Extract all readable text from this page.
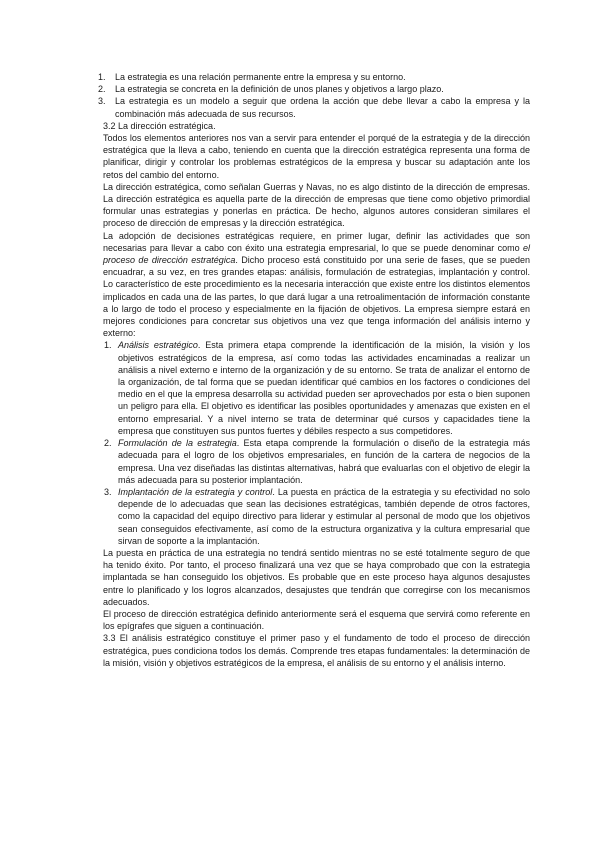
1. La estrategia es una relación permanente entre la empresa y su entorno.
2. La estrategia se concreta en la definición de unos planes y objetivos a largo plazo.
3. La estrategia es un modelo a seguir que ordena la acción que debe llevar a cabo la empresa y la combinación más adecuada de sus recursos.

3.2 La dirección estratégica.

Todos los elementos anteriores nos van a servir para entender el porqué de la estrategia y de la dirección estratégica que la lleva a cabo, teniendo en cuenta que la dirección estratégica representa una forma de planificar, dirigir y controlar los problemas estratégicos de la empresa y buscar su adaptación ante los retos del cambio del entorno.

La dirección estratégica, como señalan Guerras y Navas, no es algo distinto de la dirección de empresas. La dirección estratégica es aquella parte de la dirección de empresas que tiene como objetivo primordial formular unas estrategias y ponerlas en práctica. De hecho, algunos autores consideran similares el proceso de dirección de empresas y la dirección estratégica.

La adopción de decisiones estratégicas requiere, en primer lugar, definir las actividades que son necesarias para llevar a cabo con éxito una estrategia empresarial, lo que se puede denominar como el proceso de dirección estratégica. Dicho proceso está constituido por una serie de fases, que se pueden encuadrar, a su vez, en tres grandes etapas: análisis, formulación de estrategias, implantación y control. Lo característico de este procedimiento es la necesaria interacción que existe entre los distintos elementos implicados en cada una de las partes, lo que dará lugar a una retroalimentación de información constante a lo largo de todo el proceso y especialmente en la fijación de objetivos. La empresa siempre estará en mejores condiciones para concretar sus objetivos una vez que tenga información del análisis interno y externo:

1. Análisis estratégico. Esta primera etapa comprende la identificación de la misión, la visión y los objetivos estratégicos de la empresa, así como todas las actividades encaminadas a realizar un análisis a nivel externo e interno de la organización y de su entorno. Se trata de analizar el entorno de la organización, de tal forma que se puedan identificar qué cambios en los factores o condiciones del medio en el que la empresa desarrolla su actividad pueden ser aprovechados por esta o bien suponen un peligro para ella. El objetivo es identificar las posibles oportunidades y amenazas que existen en el entorno empresarial. Y a nivel interno se trata de determinar qué cursos y capacidades tiene la empresa que constituyen sus puntos fuertes y débiles respecto a sus competidores.
2. Formulación de la estrategia. Esta etapa comprende la formulación o diseño de la estrategia más adecuada para el logro de los objetivos empresariales, en función de la cartera de negocios de la empresa. Una vez diseñadas las distintas alternativas, habrá que evaluarlas con el objetivo de elegir la más adecuada para su posterior implantación.
3. Implantación de la estrategia y control. La puesta en práctica de la estrategia y su efectividad no solo depende de lo adecuadas que sean las decisiones estratégicas, también depende de otros factores, como la capacidad del equipo directivo para liderar y estimular al personal de modo que los objetivos sean conseguidos efectivamente, así como de la estructura organizativa y la cultura empresarial que sirvan de soporte a la implantación.

La puesta en práctica de una estrategia no tendrá sentido mientras no se esté totalmente seguro de que ha tenido éxito. Por tanto, el proceso finalizará una vez que se haya comprobado que con la estrategia implantada se han conseguido los objetivos. Es probable que en este proceso haya algunos desajustes entre lo planificado y los logros alcanzados, desajustes que tendrán que corregirse con los mecanismos adecuados.

El proceso de dirección estratégica definido anteriormente será el esquema que servirá como referente en los epígrafes que siguen a continuación.

3.3 El análisis estratégico constituye el primer paso y el fundamento de todo el proceso de dirección estratégica, pues condiciona todos los demás. Comprende tres etapas fundamentales: la determinación de la misión, visión y objetivos estratégicos de la empresa, el análisis de su entorno y el análisis interno.
